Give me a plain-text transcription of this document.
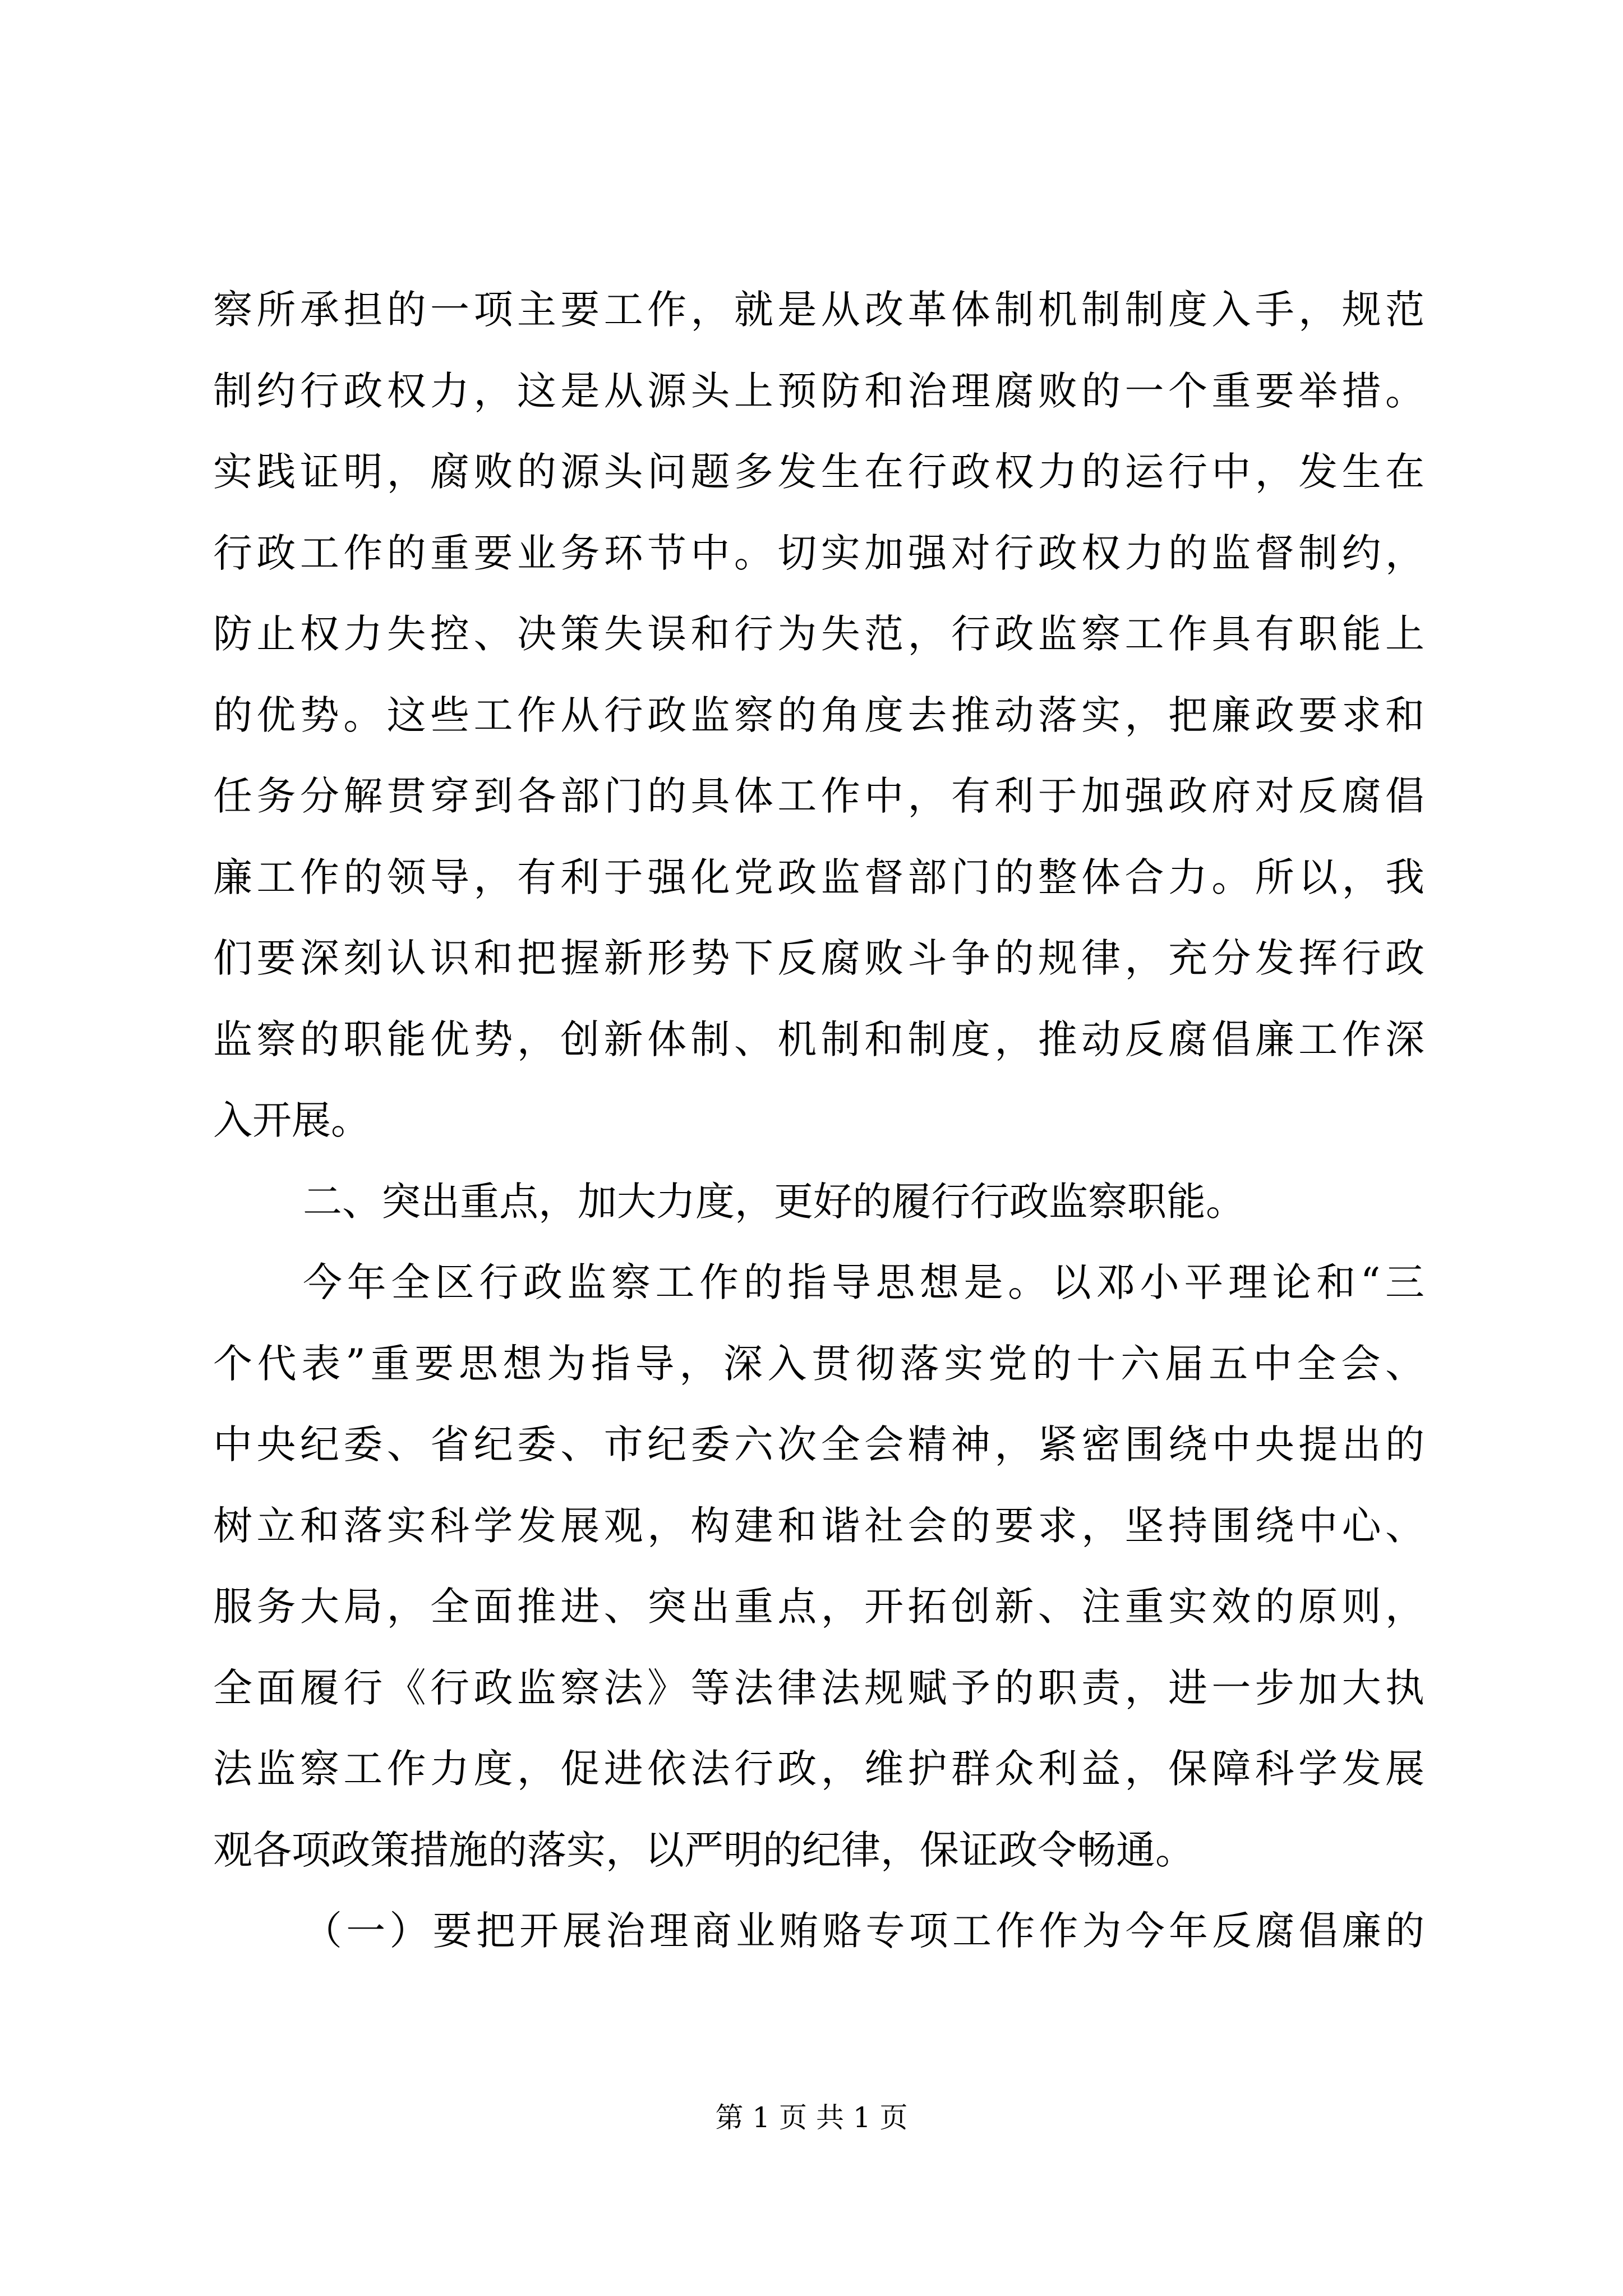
察所承担的一项主要工作，就是从改革体制机制制度入手，规范
制约行政权力，这是从源头上预防和治理腐败的一个重要举措。
实践证明，腐败的源头问题多发生在行政权力的运行中，发生在
行政工作的重要业务环节中。切实加强对行政权力的监督制约，
防止权力失控、决策失误和行为失范，行政监察工作具有职能上
的优势。这些工作从行政监察的角度去推动落实，把廉政要求和
任务分解贯穿到各部门的具体工作中，有利于加强政府对反腐倡
廉工作的领导，有利于强化党政监督部门的整体合力。所以，我
们要深刻认识和把握新形势下反腐败斗争的规律，充分发挥行政
监察的职能优势，创新体制、机制和制度，推动反腐倡廉工作深
入开展。
二、突出重点，加大力度，更好的履行行政监察职能。
今年全区行政监察工作的指导思想是。以邓小平理论和“三
个代表”重要思想为指导，深入贯彻落实党的十六届五中全会、
中央纪委、省纪委、市纪委六次全会精神，紧密围绕中央提出的
树立和落实科学发展观，构建和谐社会的要求，坚持围绕中心、
服务大局，全面推进、突出重点，开拓创新、注重实效的原则，
全面履行《行政监察法》等法律法规赋予的职责，进一步加大执
法监察工作力度，促进依法行政，维护群众利益，保障科学发展
观各项政策措施的落实，以严明的纪律，保证政令畅通。
（一）要把开展治理商业贿赂专项工作作为今年反腐倡廉的
第 1 页 共 1 页
